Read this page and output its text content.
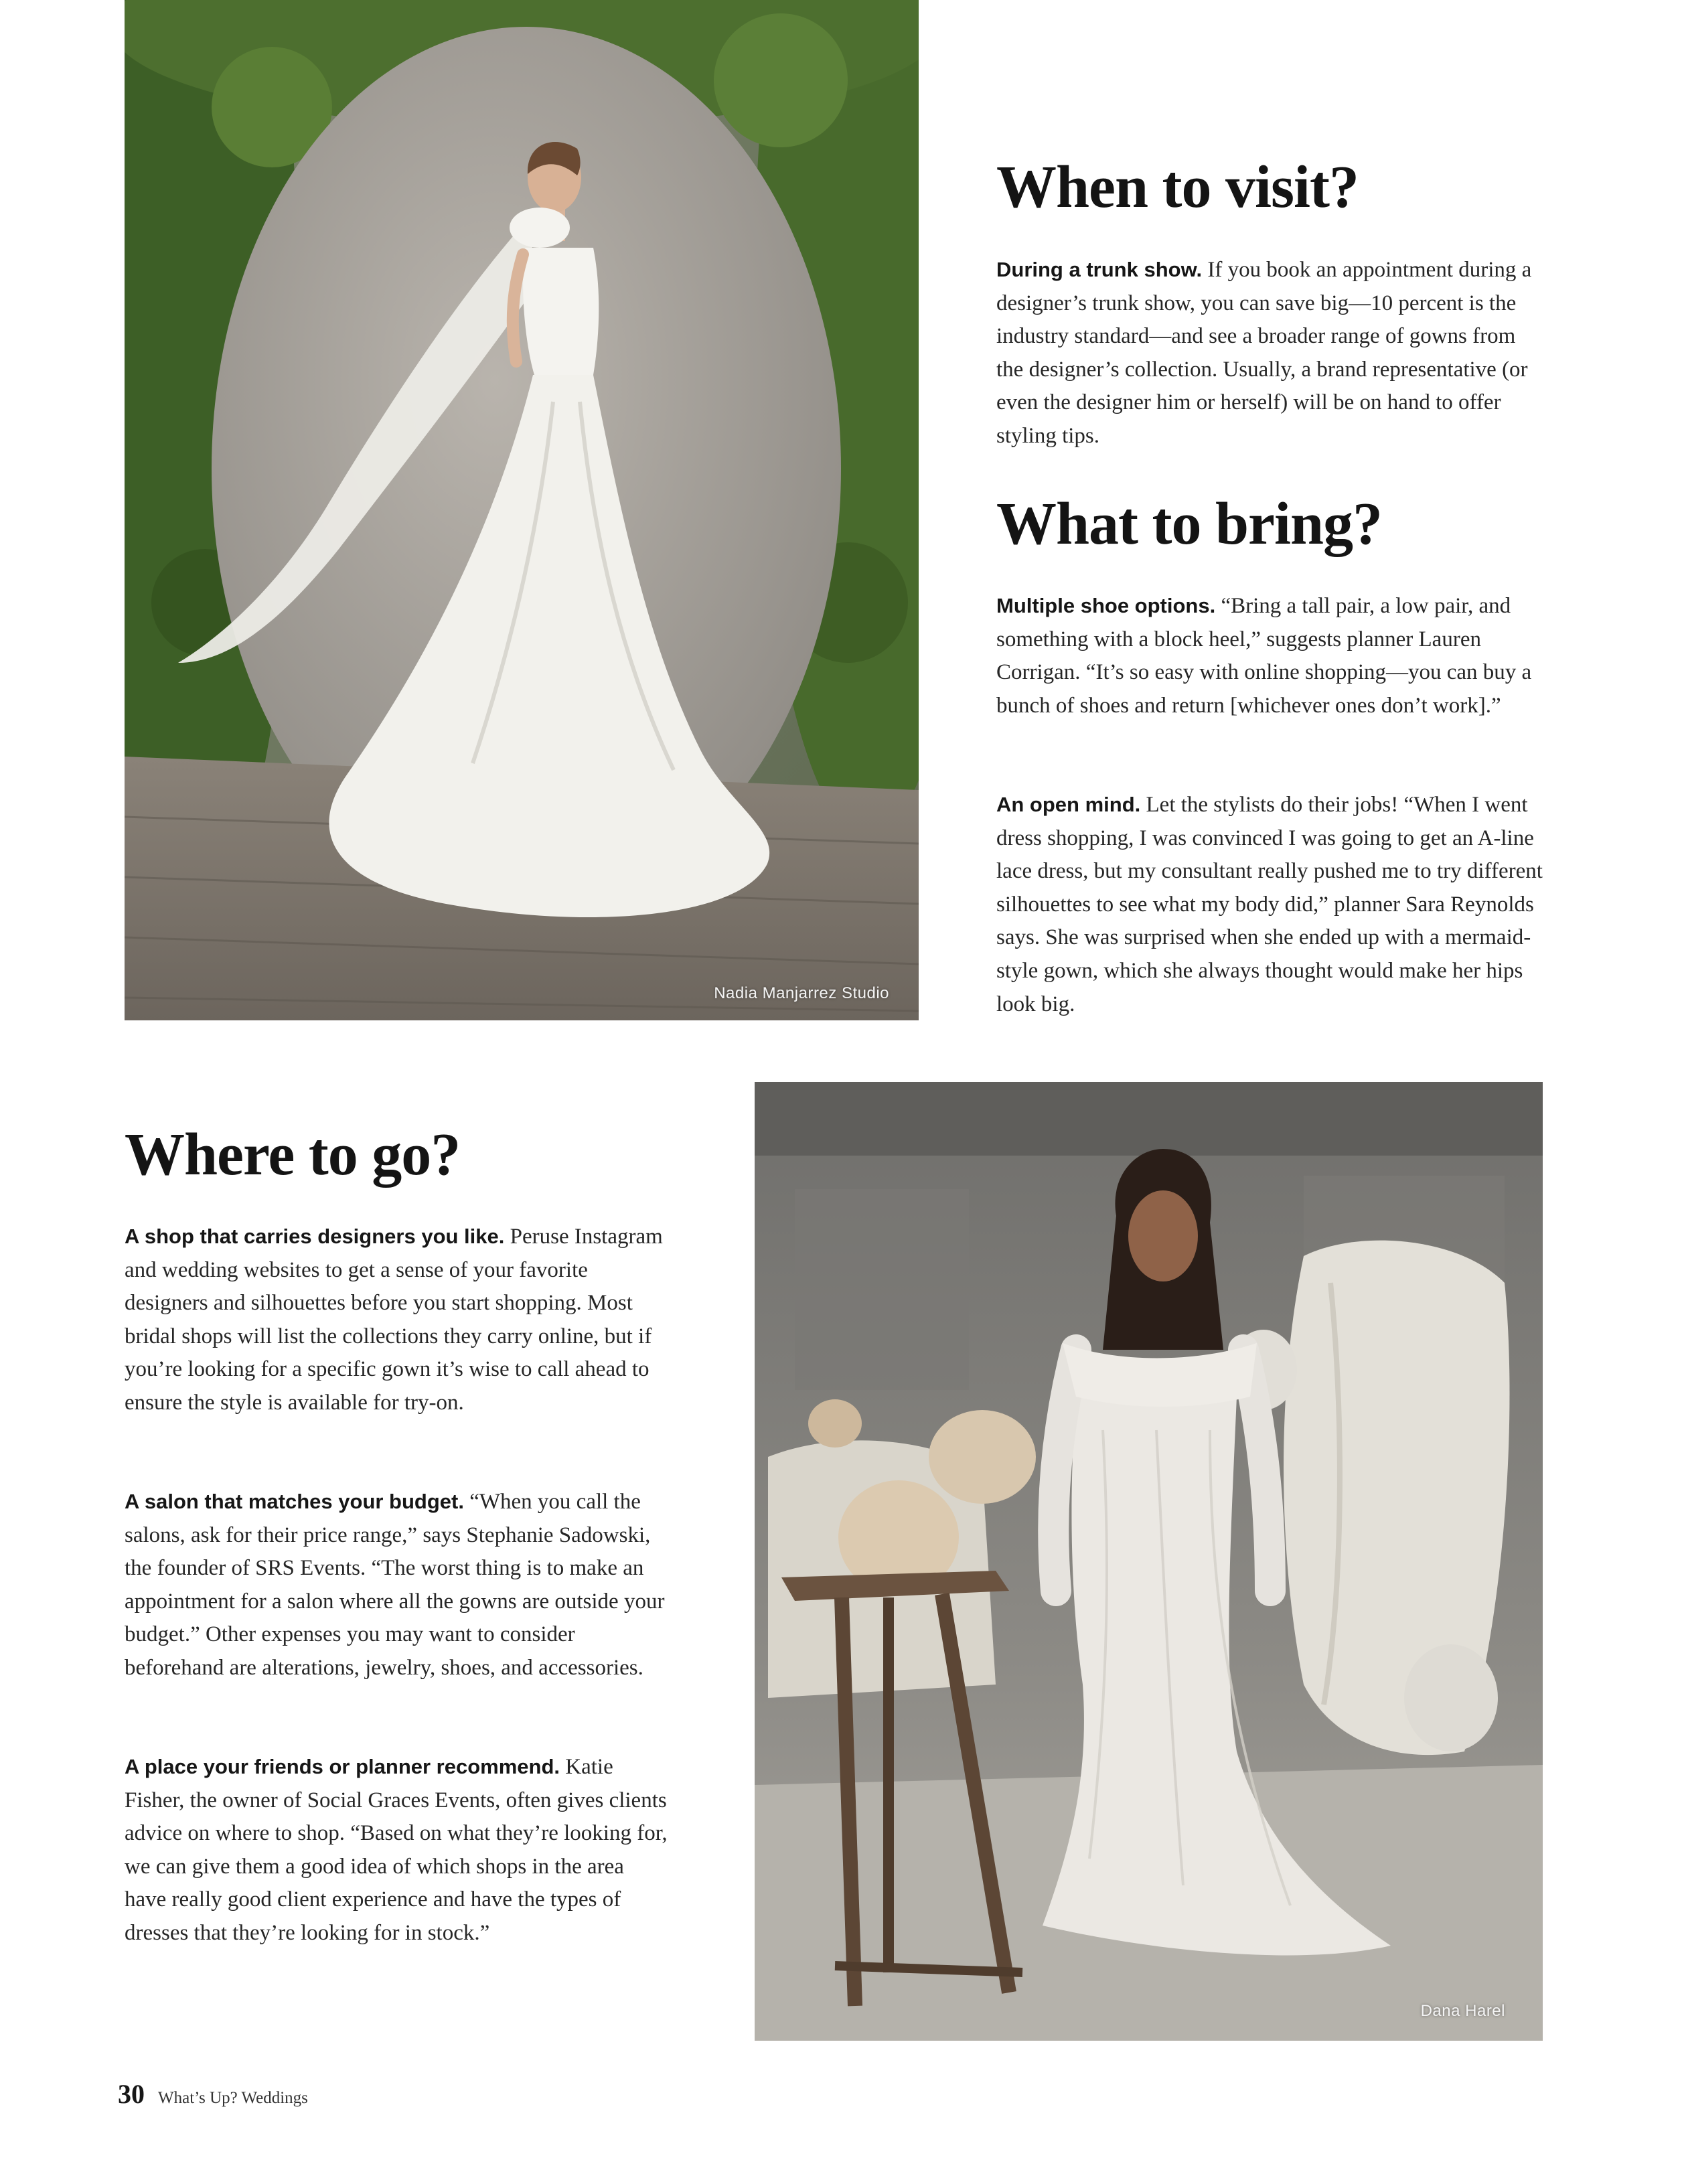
Nadia Manjarrez Studio
Dana Harel
When to visit?

During a trunk show. If you book an appointment during a designer’s trunk show, you can save big—10 percent is the industry standard—and see a broader range of gowns from the designer’s collection. Usually, a brand representative (or even the designer him or herself) will be on hand to offer styling tips.

What to bring?

Multiple shoe options. “Bring a tall pair, a low pair, and something with a block heel,” suggests planner Lauren Corrigan. “It’s so easy with online shopping—you can buy a bunch of shoes and return [whichever ones don’t work].”

An open mind. Let the stylists do their jobs! “When I went dress shopping, I was convinced I was going to get an A-line lace dress, but my consultant really pushed me to try different silhouettes to see what my body did,” planner Sara Reynolds says. She was surprised when she ended up with a mermaid-style gown, which she always thought would make her hips look big.

Where to go?

A shop that carries designers you like. Peruse Instagram and wedding websites to get a sense of your favorite designers and silhouettes before you start shopping. Most bridal shops will list the collections they carry online, but if you’re looking for a specific gown it’s wise to call ahead to ensure the style is available for try-on.

A salon that matches your budget. “When you call the salons, ask for their price range,” says Stephanie Sadowski, the founder of SRS Events. “The worst thing is to make an appointment for a salon where all the gowns are outside your budget.” Other expenses you may want to consider beforehand are alterations, jewelry, shoes, and accessories.

A place your friends or planner recommend. Katie Fisher, the owner of Social Graces Events, often gives clients advice on where to shop. “Based on what they’re looking for, we can give them a good idea of which shops in the area have really good client experience and have the types of dresses that they’re looking for in stock.”

30 What’s Up? Weddings
